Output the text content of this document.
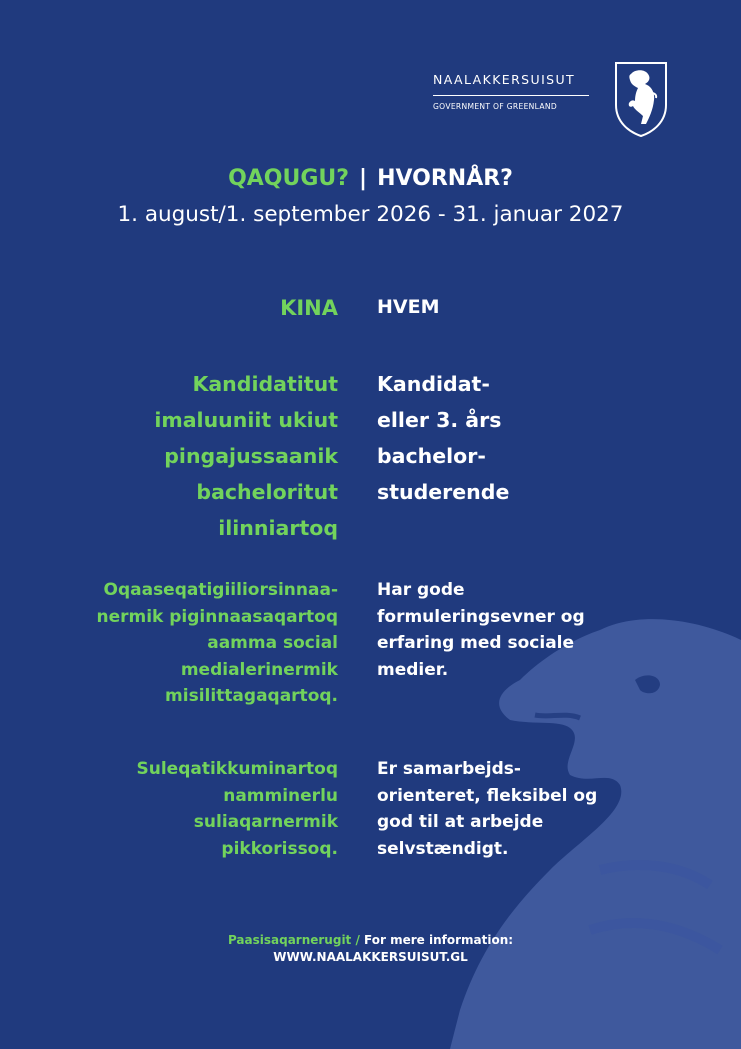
NAALAKKERSUISUT
GOVERNMENT OF GREENLAND
QAQUGU? | HVORNÅR?
1. august/1. september 2026 - 31. januar 2027
KINA HVEM
Kandidatitut
imaluuniit ukiut
pingajussaanik
bacheloritut
ilinniartoq
Kandidat-
eller 3. års
bachelor-
studerende
Oqaaseqatigiiliorsinnaa-
nermik piginnaasaqartoq
aamma social
medialerinermik
misilittagaqartoq.
Har gode
formuleringsevner og
erfaring med sociale
medier.
Suleqatikkuminartoq
namminerlu
suliaqarnermik
pikkorissoq.
Er samarbejds-
orienteret, fleksibel og
god til at arbejde
selvstændigt.
Paasisaqarnerugit / For mere information:
WWW.NAALAKKERSUISUT.GL
